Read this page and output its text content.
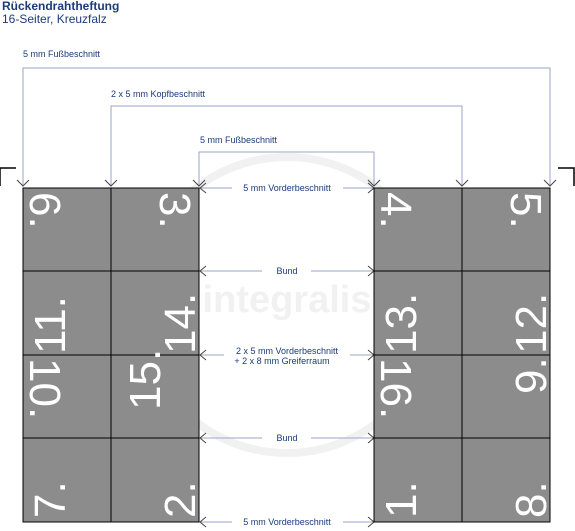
Rückendrahtheftung
16-Seiter, Kreuzfalz
integralis
6. 3.	4. 5.
11. 14.	13. 12.
10. 15.	16. 9.
7. 2.	1. 8.
5 mm Fußbeschnitt
2 x 5 mm Kopfbeschnitt
5 mm Fußbeschnitt
5 mm Vorderbeschnitt
Bund
2 x 5 mm Vorderbeschnitt
+ 2 x 8 mm Greiferraum
Bund
5 mm Vorderbeschnitt
